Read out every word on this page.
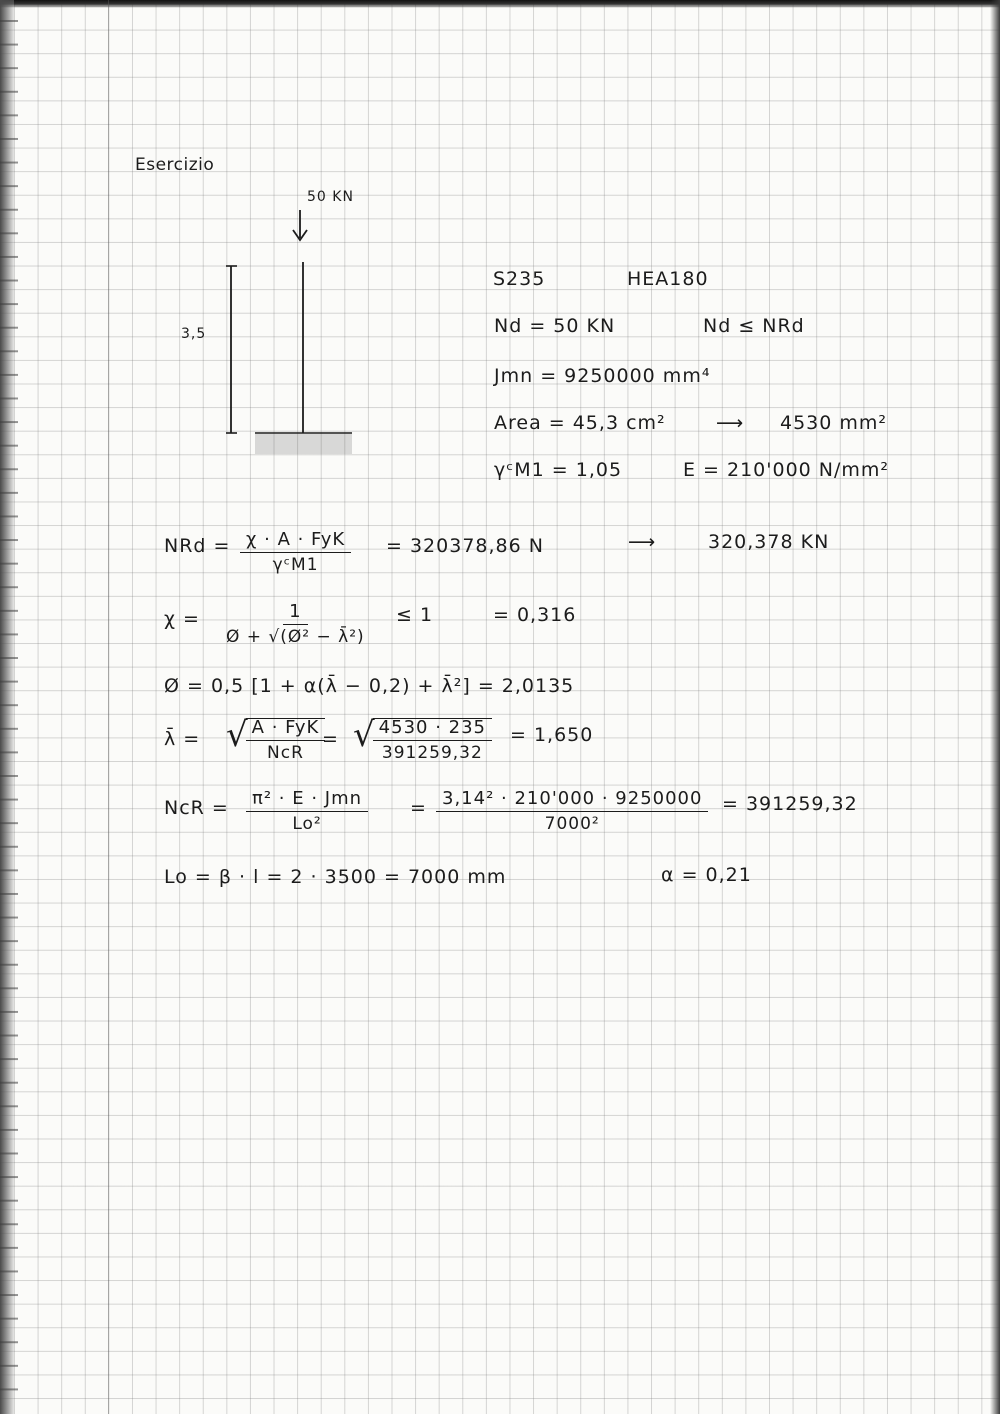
Esercizio
50 KN
3,5
S235	HEA180
Nd = 50 KN	Nd ≤ NRd
Jmn = 9250000 mm⁴
Area = 45,3 cm²	⟶ 4530 mm²
γᶜM1 = 1,05	E = 210'000 N/mm²
NRd = χ · A · FyK
γᶜM1
= 320378,86 N	⟶	320,378 KN
$\chi = \frac{1}{\text{Ø + √(Ø² − λ̄²)}} \le 1$	= 0,316
Ø = 0,5 [1 + α(λ̄ − 0,2) + λ̄²] = 2,0135
λ̄ = √ A · FyK
NcR
= √ 4530 · 235
391259,32
= 1,650
NcR =	π² · E · Jmn
Lo²
= $\frac{\text{3,14² · 210'000 · 9250000}}{\text{7000²}} = 391259,32$
Lo = β · l = 2 · 3500 = 7000 mm	α = 0,21
